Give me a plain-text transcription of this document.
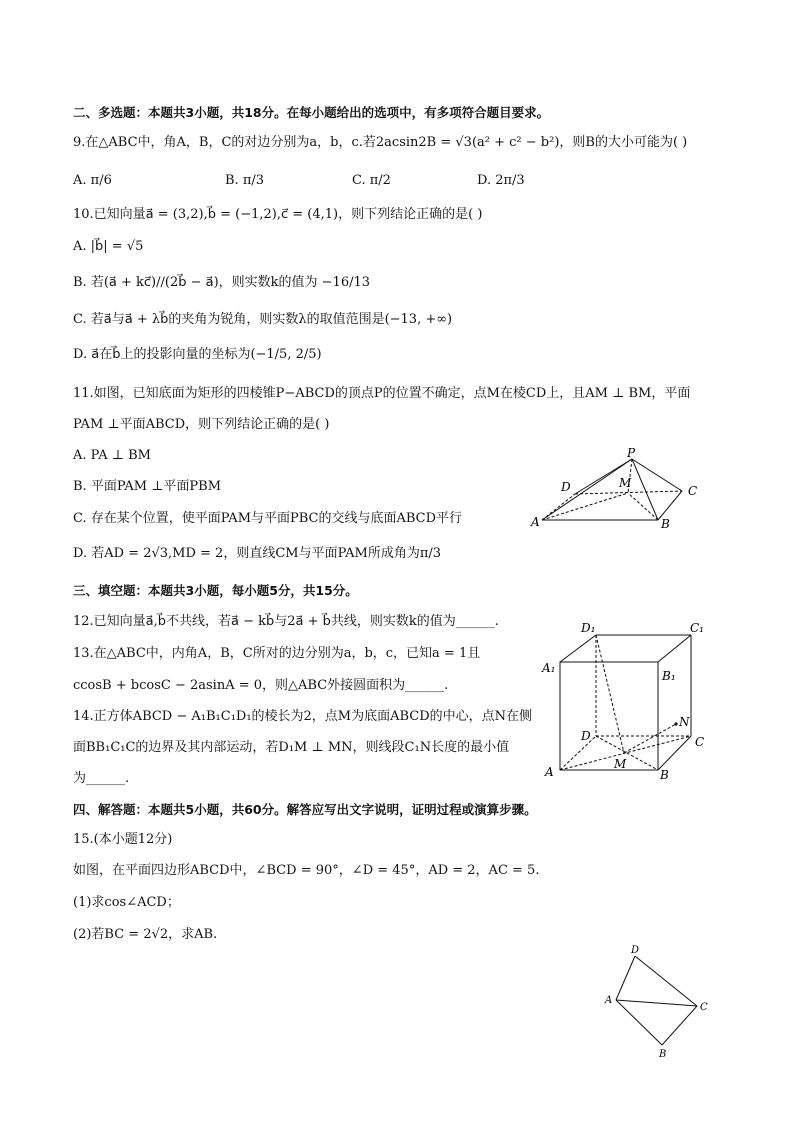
二、多选题：本题共3小题，共18分。在每小题给出的选项中，有多项符合题目要求。
9.在△ABC中，角A，B，C的对边分别为a，b，c.若2acsin2B = √3(a² + c² − b²)，则B的大小可能为( )
A. π/6	B. π/3	C. π/2	D. 2π/3
10.已知向量a⃗ = (3,2),b⃗ = (−1,2),c⃗ = (4,1)，则下列结论正确的是( )
A. |b⃗| = √5
B. 若(a⃗ + kc⃗)//(2b⃗ − a⃗)，则实数k的值为 −16/13
C. 若a⃗与a⃗ + λb⃗的夹角为锐角，则实数λ的取值范围是(−13, +∞)
D. a⃗在b⃗上的投影向量的坐标为(−1/5, 2/5)
11.如图，已知底面为矩形的四棱锥P−ABCD的顶点P的位置不确定，点M在棱CD上，且AM ⊥ BM，平面
PAM ⊥平面ABCD，则下列结论正确的是( )
A. PA ⊥ BM
B. 平面PAM ⊥平面PBM
C. 存在某个位置，使平面PAM与平面PBC的交线与底面ABCD平行
D. 若AD = 2√3,MD = 2，则直线CM与平面PAM所成角为π/3
P
M
D	C
A	B
三、填空题：本题共3小题，每小题5分，共15分。
12.已知向量a⃗,b⃗不共线，若a⃗ − kb⃗与2a⃗ + b⃗共线，则实数k的值为______.
13.在△ABC中，内角A，B，C所对的边分别为a，b，c，已知a = 1且
ccosB + bcosC − 2asinA = 0，则△ABC外接圆面积为______.
14.正方体ABCD − A₁B₁C₁D₁的棱长为2，点M为底面ABCD的中心，点N在侧
面BB₁C₁C的边界及其内部运动，若D₁M ⊥ MN，则线段C₁N长度的最小值
为______.
D₁	C₁
A₁
B₁
D	C
A	B
M
N
四、解答题：本题共5小题，共60分。解答应写出文字说明，证明过程或演算步骤。
15.(本小题12分)
如图，在平面四边形ABCD中，∠BCD = 90°，∠D = 45°，AD = 2，AC = 5.
(1)求cos∠ACD；
(2)若BC = 2√2，求AB.
D
A
C
B
